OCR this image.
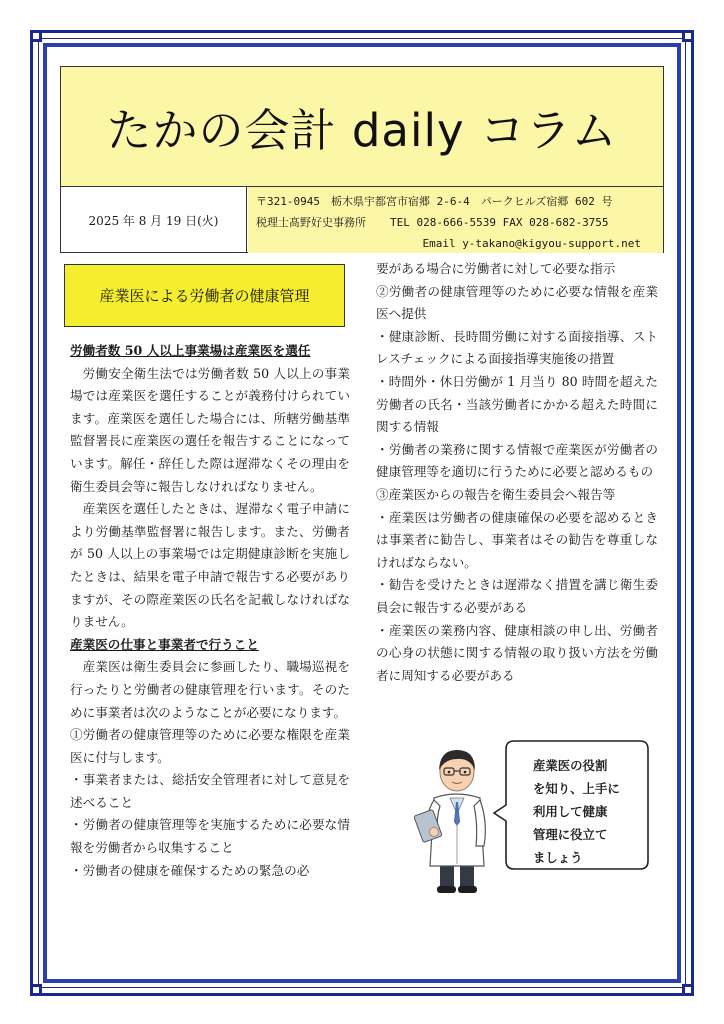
たかの会計 daily コラム
2025 年 8 月 19 日(火)
〒321-0945　栃木県宇都宮市宿郷 2-6-4　パークヒルズ宿郷 602 号
税理士髙野好史事務所 TEL 028-666-5539 FAX 028-682-3755
Email y-takano@kigyou-support.net
産業医による労働者の健康管理

労働者数 50 人以上事業場は産業医を選任

労働安全衛生法では労働者数 50 人以上の事業場では産業医を選任することが義務付けられています。産業医を選任した場合には、所轄労働基準監督署長に産業医の選任を報告することになっています。解任・辞任した際は遅滞なくその理由を衛生委員会等に報告しなければなりません。

産業医を選任したときは、遅滞なく電子申請により労働基準監督署に報告します。また、労働者が 50 人以上の事業場では定期健康診断を実施したときは、結果を電子申請で報告する必要がありますが、その際産業医の氏名を記載しなければなりません。

産業医の仕事と事業者で行うこと

産業医は衛生委員会に参画したり、職場巡視を行ったりと労働者の健康管理を行います。そのために事業者は次のようなことが必要になります。

①労働者の健康管理等のために必要な権限を産業医に付与します。

・事業者または、総括安全管理者に対して意見を述べること

・労働者の健康管理等を実施するために必要な情報を労働者から収集すること

・労働者の健康を確保するための緊急の必

要がある場合に労働者に対して必要な指示

②労働者の健康管理等のために必要な情報を産業医へ提供

・健康診断、長時間労働に対する面接指導、ストレスチェックによる面接指導実施後の措置

・時間外・休日労働が 1 月当り 80 時間を超えた労働者の氏名・当該労働者にかかる超えた時間に関する情報

・労働者の業務に関する情報で産業医が労働者の健康管理等を適切に行うために必要と認めるもの

③産業医からの報告を衛生委員会へ報告等

・産業医は労働者の健康確保の必要を認めるときは事業者に勧告し、事業者はその勧告を尊重しなければならない。

・勧告を受けたときは遅滞なく措置を講じ衛生委員会に報告する必要がある

・産業医の業務内容、健康相談の申し出、労働者の心身の状態に関する情報の取り扱い方法を労働者に周知する必要がある

産業医の役割
を知り、上手に
利用して健康
管理に役立て
ましょう
